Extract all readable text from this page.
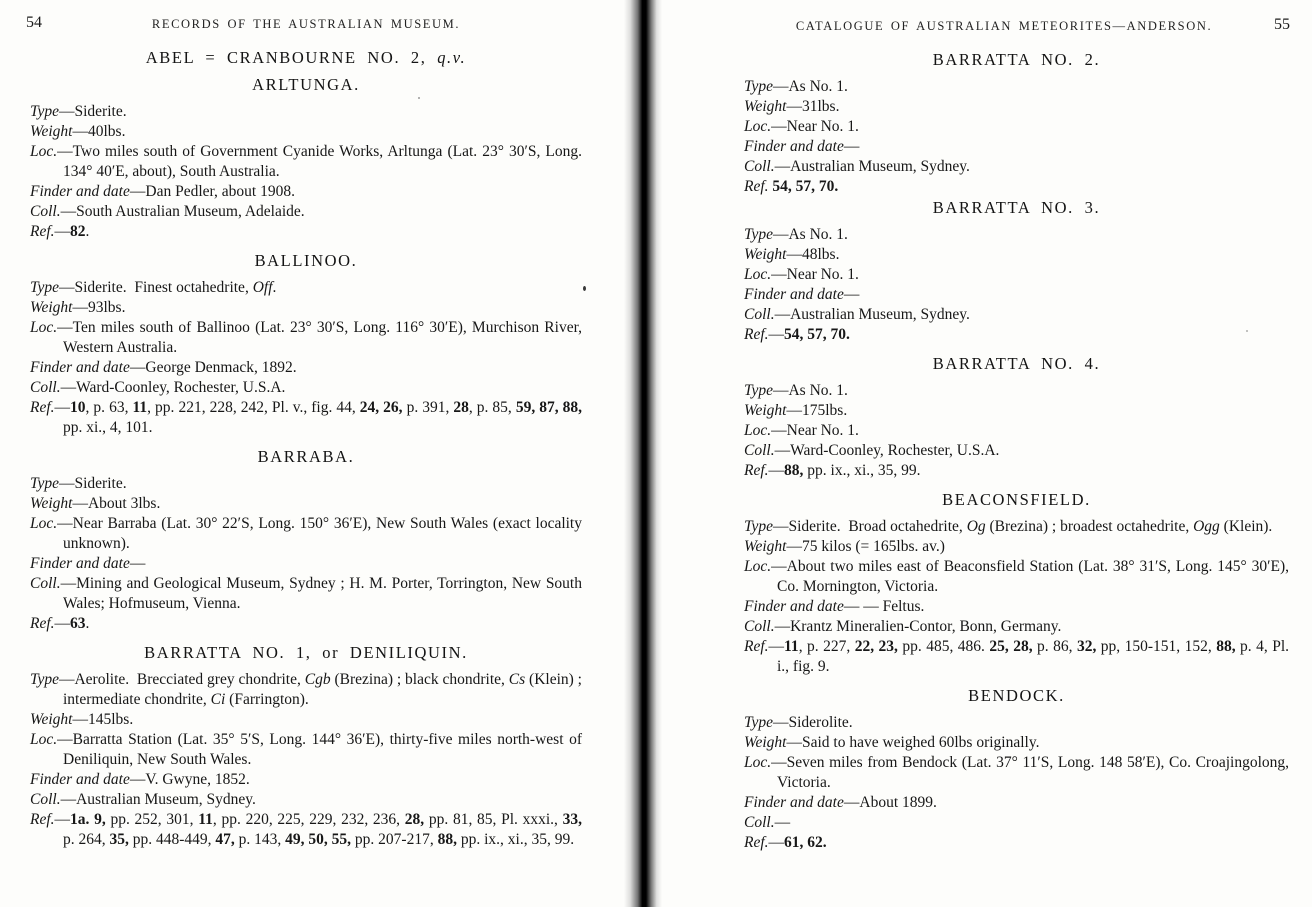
54	RECORDS OF THE AUSTRALIAN MUSEUM.
ABEL = CRANBOURNE NO. 2, q.v.
ARLTUNGA.
Type—Siderite.
Weight—40lbs.
Loc.—Two miles south of Government Cyanide Works, Arltunga (Lat. 23° 30′S, Long. 134° 40′E, about), South Australia.
Finder and date—Dan Pedler, about 1908.
Coll.—South Australian Museum, Adelaide.
Ref.—82.
BALLINOO.
Type—Siderite.  Finest octahedrite, Off.
Weight—93lbs.
Loc.—Ten miles south of Ballinoo (Lat. 23° 30′S, Long. 116° 30′E), Murchison River, Western Australia.
Finder and date—George Denmack, 1892.
Coll.—Ward-Coonley, Rochester, U.S.A.
Ref.—10, p. 63, 11, pp. 221, 228, 242, Pl. v., fig. 44, 24, 26, p. 391, 28, p. 85, 59, 87, 88, pp. xi., 4, 101.
BARRABA.
Type—Siderite.
Weight—About 3lbs.
Loc.—Near Barraba (Lat. 30° 22′S, Long. 150° 36′E), New South Wales (exact locality unknown).
Finder and date—
Coll.—Mining and Geological Museum, Sydney ; H. M. Porter, Torrington, New South Wales; Hofmuseum, Vienna.
Ref.—63.
BARRATTA NO. 1, or DENILIQUIN.
Type—Aerolite.  Brecciated grey chondrite, Cgb (Brezina) ; black chondrite, Cs (Klein) ; intermediate chondrite, Ci (Farrington).
Weight—145lbs.
Loc.—Barratta Station (Lat. 35° 5′S, Long. 144° 36′E), thirty-five miles north-west of Deniliquin, New South Wales.
Finder and date—V. Gwyne, 1852.
Coll.—Australian Museum, Sydney.
Ref.—1a. 9, pp. 252, 301, 11, pp. 220, 225, 229, 232, 236, 28, pp. 81, 85, Pl. xxxi., 33, p. 264, 35, pp. 448-449, 47, p. 143, 49, 50, 55, pp. 207-217, 88, pp. ix., xi., 35, 99.
CATALOGUE OF AUSTRALIAN METEORITES—ANDERSON.	55
BARRATTA NO. 2.
Type—As No. 1.
Weight—31lbs.
Loc.—Near No. 1.
Finder and date—
Coll.—Australian Museum, Sydney.
Ref. 54, 57, 70.
BARRATTA NO. 3.
Type—As No. 1.
Weight—48lbs.
Loc.—Near No. 1.
Finder and date—
Coll.—Australian Museum, Sydney.
Ref.—54, 57, 70.
BARRATTA NO. 4.
Type—As No. 1.
Weight—175lbs.
Loc.—Near No. 1.
Coll.—Ward-Coonley, Rochester, U.S.A.
Ref.—88, pp. ix., xi., 35, 99.
BEACONSFIELD.
Type—Siderite.  Broad octahedrite, Og (Brezina) ; broadest octahedrite, Ogg (Klein).
Weight—75 kilos (= 165lbs. av.)
Loc.—About two miles east of Beaconsfield Station (Lat. 38° 31′S, Long. 145° 30′E), Co. Mornington, Victoria.
Finder and date— — Feltus.
Coll.—Krantz Mineralien-Contor, Bonn, Germany.
Ref.—11, p. 227, 22, 23, pp. 485, 486. 25, 28, p. 86, 32, pp, 150-151, 152, 88, p. 4, Pl. i., fig. 9.
BENDOCK.
Type—Siderolite.
Weight—Said to have weighed 60lbs originally.
Loc.—Seven miles from Bendock (Lat. 37° 11′S, Long. 148 58′E), Co. Croajingolong, Victoria.
Finder and date—About 1899.
Coll.—
Ref.—61, 62.
